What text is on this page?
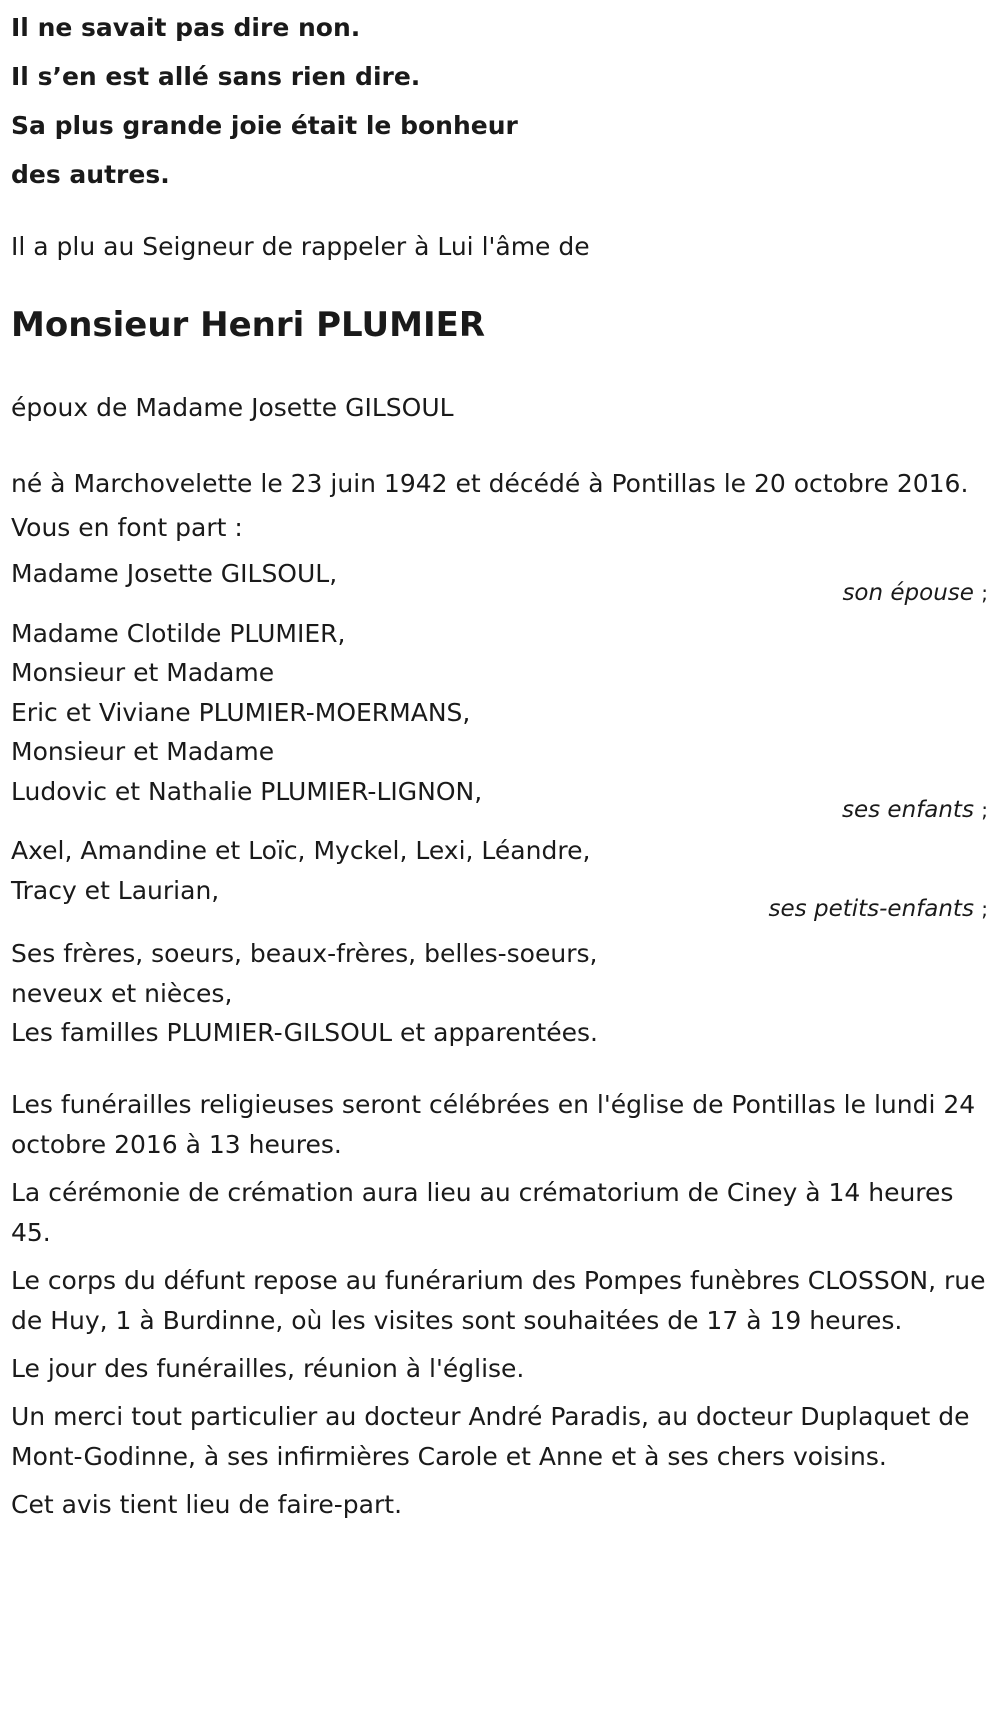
Il ne savait pas dire non.
Il s’en est allé sans rien dire.
Sa plus grande joie était le bonheur
des autres.

Il a plu au Seigneur de rappeler à Lui l'âme de

Monsieur Henri PLUMIER

époux de Madame Josette GILSOUL

né à Marchovelette le 23 juin 1942 et décédé à Pontillas le 20 octobre 2016.

Vous en font part :

Madame Josette GILSOUL,
son épouse ;
Madame Clotilde PLUMIER,
Monsieur et Madame
Eric et Viviane PLUMIER-MOERMANS,
Monsieur et Madame
Ludovic et Nathalie PLUMIER-LIGNON,
ses enfants ;
Axel, Amandine et Loïc, Myckel, Lexi, Léandre,
Tracy et Laurian,
ses petits-enfants ;
Ses frères, soeurs, beaux-frères, belles-soeurs,
neveux et nièces,
Les familles PLUMIER-GILSOUL et apparentées.

Les funérailles religieuses seront célébrées en l'église de Pontillas le lundi 24 octobre 2016 à 13 heures.

La cérémonie de crémation aura lieu au crématorium de Ciney à 14 heures 45.

Le corps du défunt repose au funérarium des Pompes funèbres CLOSSON, rue de Huy, 1 à Burdinne, où les visites sont souhaitées de 17 à 19 heures.

Le jour des funérailles, réunion à l'église.

Un merci tout particulier au docteur André Paradis, au docteur Duplaquet de Mont-Godinne, à ses infirmières Carole et Anne et à ses chers voisins.

Cet avis tient lieu de faire-part.
